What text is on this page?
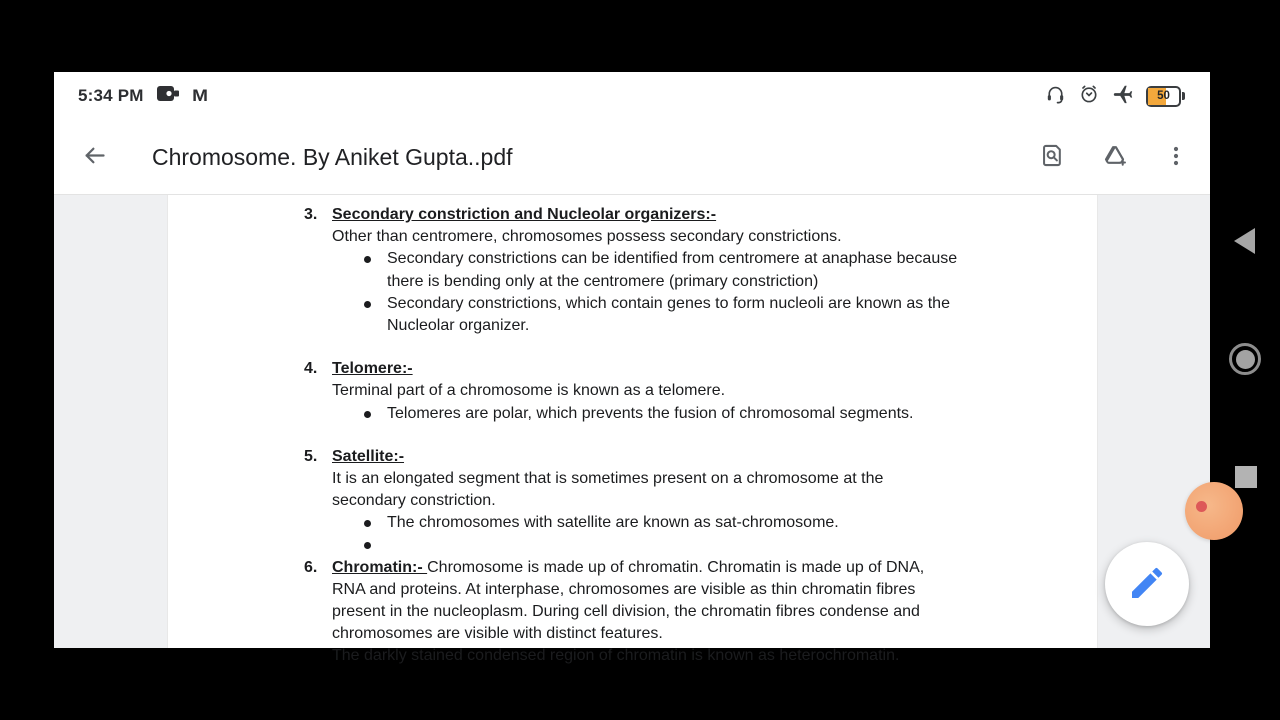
5:34 PM	M	50
Chromosome. By Aniket Gupta..pdf
3. Secondary constriction and Nucleolar organizers:-
Other than centromere, chromosomes possess secondary constrictions.
Secondary constrictions can be identified from centromere at anaphase because
there is bending only at the centromere (primary constriction)
Secondary constrictions, which contain genes to form nucleoli are known as the
Nucleolar organizer.
4. Telomere:-
Terminal part of a chromosome is known as a telomere.
Telomeres are polar, which prevents the fusion of chromosomal segments.
5. Satellite:-
It is an elongated segment that is sometimes present on a chromosome at the
secondary constriction.
The chromosomes with satellite are known as sat-chromosome.
6. Chromatin:- Chromosome is made up of chromatin. Chromatin is made up of DNA,
RNA and proteins. At interphase, chromosomes are visible as thin chromatin fibres
present in the nucleoplasm. During cell division, the chromatin fibres condense and
chromosomes are visible with distinct features.
The darkly stained condensed region of chromatin is known as heterochromatin.
